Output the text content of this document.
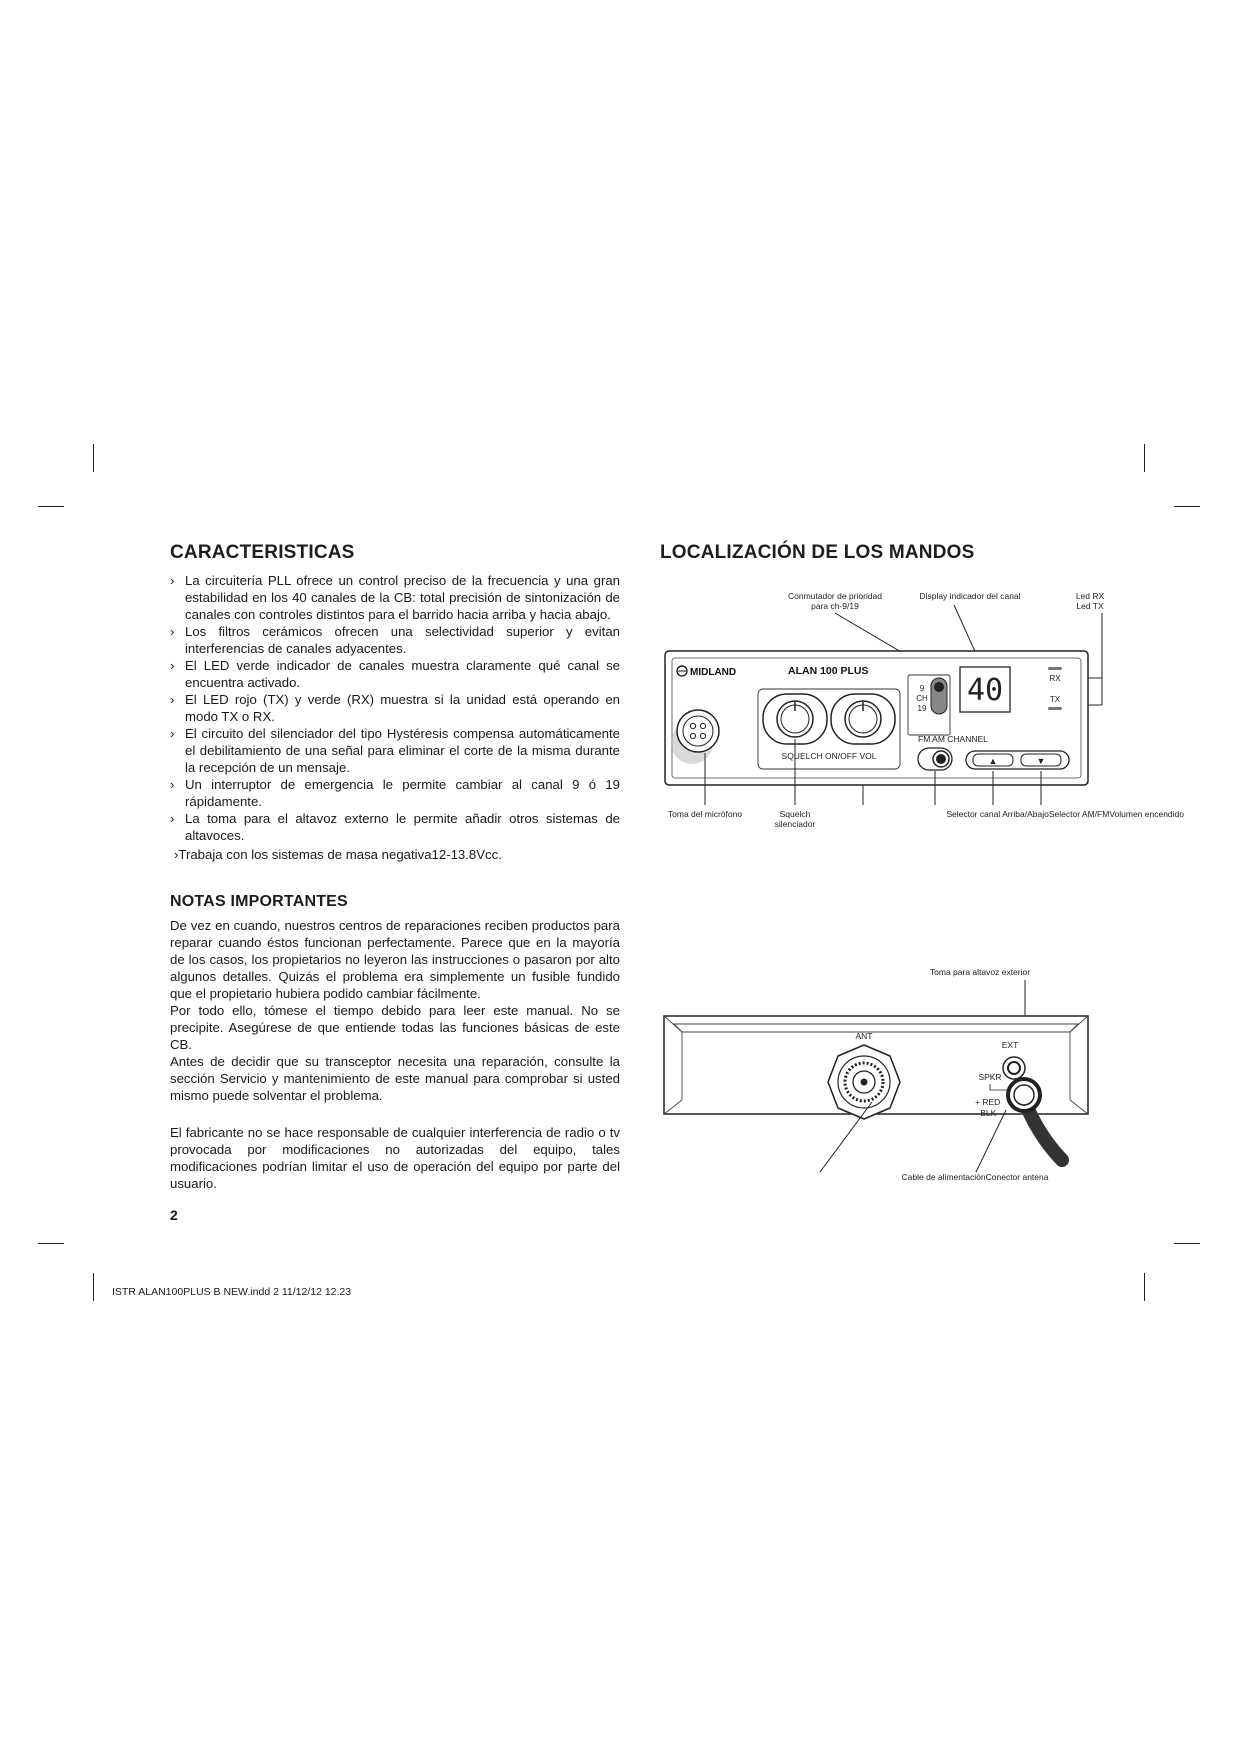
CARACTERISTICAS
› La circuitería PLL ofrece un control preciso de la frecuencia y una gran estabilidad en los 40 canales de la CB: total precisión de sintonización de canales con controles distintos para el barrido hacia arriba y hacia abajo.
› Los filtros cerámicos ofrecen una selectividad superior y evitan interferencias de canales adyacentes.
› El LED verde indicador de canales muestra claramente qué canal se encuentra activado.
› El LED rojo (TX) y verde (RX) muestra si la unidad está operando en modo TX o RX.
› El circuito del silenciador del tipo Hystéresis compensa automáticamente el debilitamiento de una señal para eliminar el corte de la misma durante la recepción de un mensaje.
› Un interruptor de emergencia le permite cambiar al canal 9 ó 19 rápidamente.
› La toma para el altavoz externo le permite añadir otros sistemas de altavoces.
›Trabaja con los sistemas de masa negativa12-13.8Vcc.
NOTAS IMPORTANTES

De vez en cuando, nuestros centros de reparaciones reciben productos para reparar cuando éstos funcionan perfectamente. Parece que en la mayoría de los casos, los propietarios no leyeron las instrucciones o pasaron por alto algunos detalles. Quizás el problema era simplemente un fusible fundido que el propietario hubiera podido cambiar fácilmente.

Por todo ello, tómese el tiempo debido para leer este manual. No se precipite. Asegúrese de que entiende todas las funciones básicas de este CB.

Antes de decidir que su transceptor necesita una reparación, consulte la sección Servicio y mantenimiento de este manual para comprobar si usted mismo puede solventar el problema.

El fabricante no se hace responsable de cualquier interferencia de radio o tv provocada por modificaciones no autorizadas del equipo, tales modificaciones podrían limitar el uso de operación del equipo por parte del usuario.

LOCALIZACIÓN DE LOS MANDOS
Conmutador de prioridad
para ch-9/19
Display indicador del canal	Led RX
Led TX
MIDLAND	ALAN 100 PLUS
SQUELCH ON/OFF VOL
9
CH
19
40	RX
TX
FM AM CHANNEL
▲	▼
Toma del micrófono	Squelch
silenciador
Selector canal Arriba/AbajoSelector AM/FMVolumen encendido
Toma para altavoz exterior
ANT
EXT
SPKR
+ RED
- BLK
Cable de alimentaciónConector antena
2
ISTR ALAN100PLUS B NEW.indd 2 11/12/12 12.23
